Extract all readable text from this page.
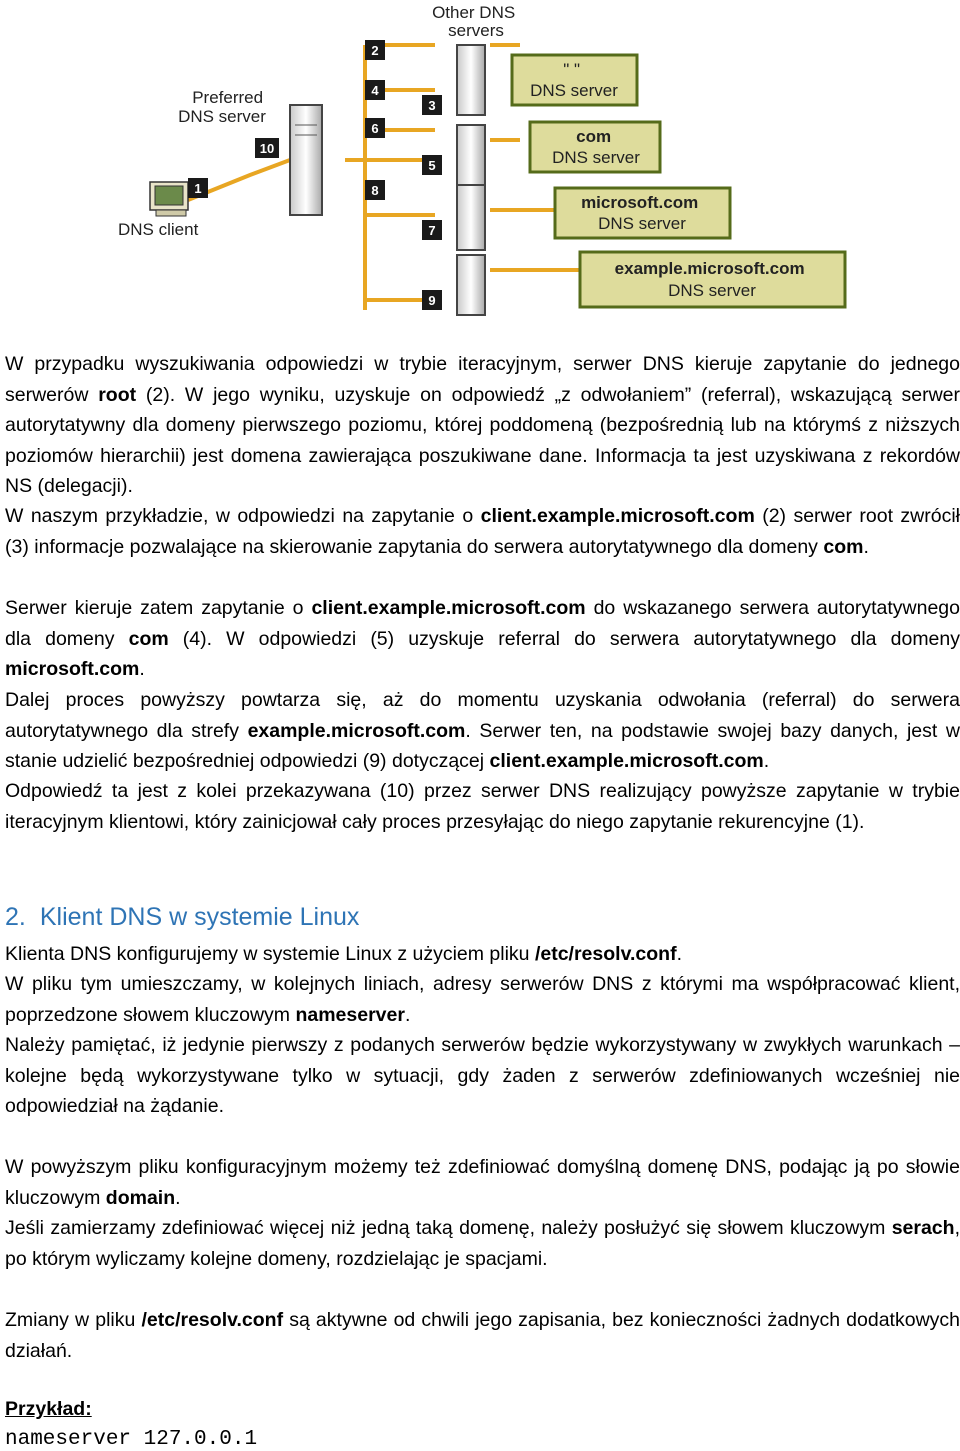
Other DNS servers
Preferred DNS server
DNS client
1
2
4
6
10
8
5
3
7
9
" " DNS server
com DNS server
microsoft.com DNS server
example.microsoft.com DNS server
W przypadku wyszukiwania odpowiedzi w trybie iteracyjnym, serwer DNS kieruje zapytanie do jednego serwerów root (2). W jego wyniku, uzyskuje on odpowiedź „z odwołaniem” (referral), wskazującą serwer autorytatywny dla domeny pierwszego poziomu, której poddomeną (bezpośrednią lub na którymś z niższych poziomów hierarchii) jest domena zawierająca poszukiwane dane. Informacja ta jest uzyskiwana z rekordów NS (delegacji).
W naszym przykładzie, w odpowiedzi na zapytanie o client.example.microsoft.com (2) serwer root zwrócił (3) informacje pozwalające na skierowanie zapytania do serwera autorytatywnego dla domeny com.
Serwer kieruje zatem zapytanie o client.example.microsoft.com do wskazanego serwera autorytatywnego dla domeny com (4). W odpowiedzi (5) uzyskuje referral do serwera autorytatywnego dla domeny microsoft.com.
Dalej proces powyższy powtarza się, aż do momentu uzyskania odwołania (referral) do serwera autorytatywnego dla strefy example.microsoft.com. Serwer ten, na podstawie swojej bazy danych, jest w stanie udzielić bezpośredniej odpowiedzi (9) dotyczącej client.example.microsoft.com.
Odpowiedź ta jest z kolei przekazywana (10) przez serwer DNS realizujący powyższe zapytanie w trybie iteracyjnym klientowi, który zainicjował cały proces przesyłając do niego zapytanie rekurencyjne (1).
2. Klient DNS w systemie Linux
Klienta DNS konfigurujemy w systemie Linux z użyciem pliku /etc/resolv.conf.
W pliku tym umieszczamy, w kolejnych liniach, adresy serwerów DNS z którymi ma współpracować klient, poprzedzone słowem kluczowym nameserver.
Należy pamiętać, iż jedynie pierwszy z podanych serwerów będzie wykorzystywany w zwykłych warunkach – kolejne będą wykorzystywane tylko w sytuacji, gdy żaden z serwerów zdefiniowanych wcześniej nie odpowiedział na żądanie.
W powyższym pliku konfiguracyjnym możemy też zdefiniować domyślną domenę DNS, podając ją po słowie kluczowym domain.
Jeśli zamierzamy zdefiniować więcej niż jedną taką domenę, należy posłużyć się słowem kluczowym serach, po którym wyliczamy kolejne domeny, rozdzielając je spacjami.
Zmiany w pliku /etc/resolv.conf są aktywne od chwili jego zapisania, bez konieczności żadnych dodatkowych działań.
Przykład:
nameserver 127.0.0.1
